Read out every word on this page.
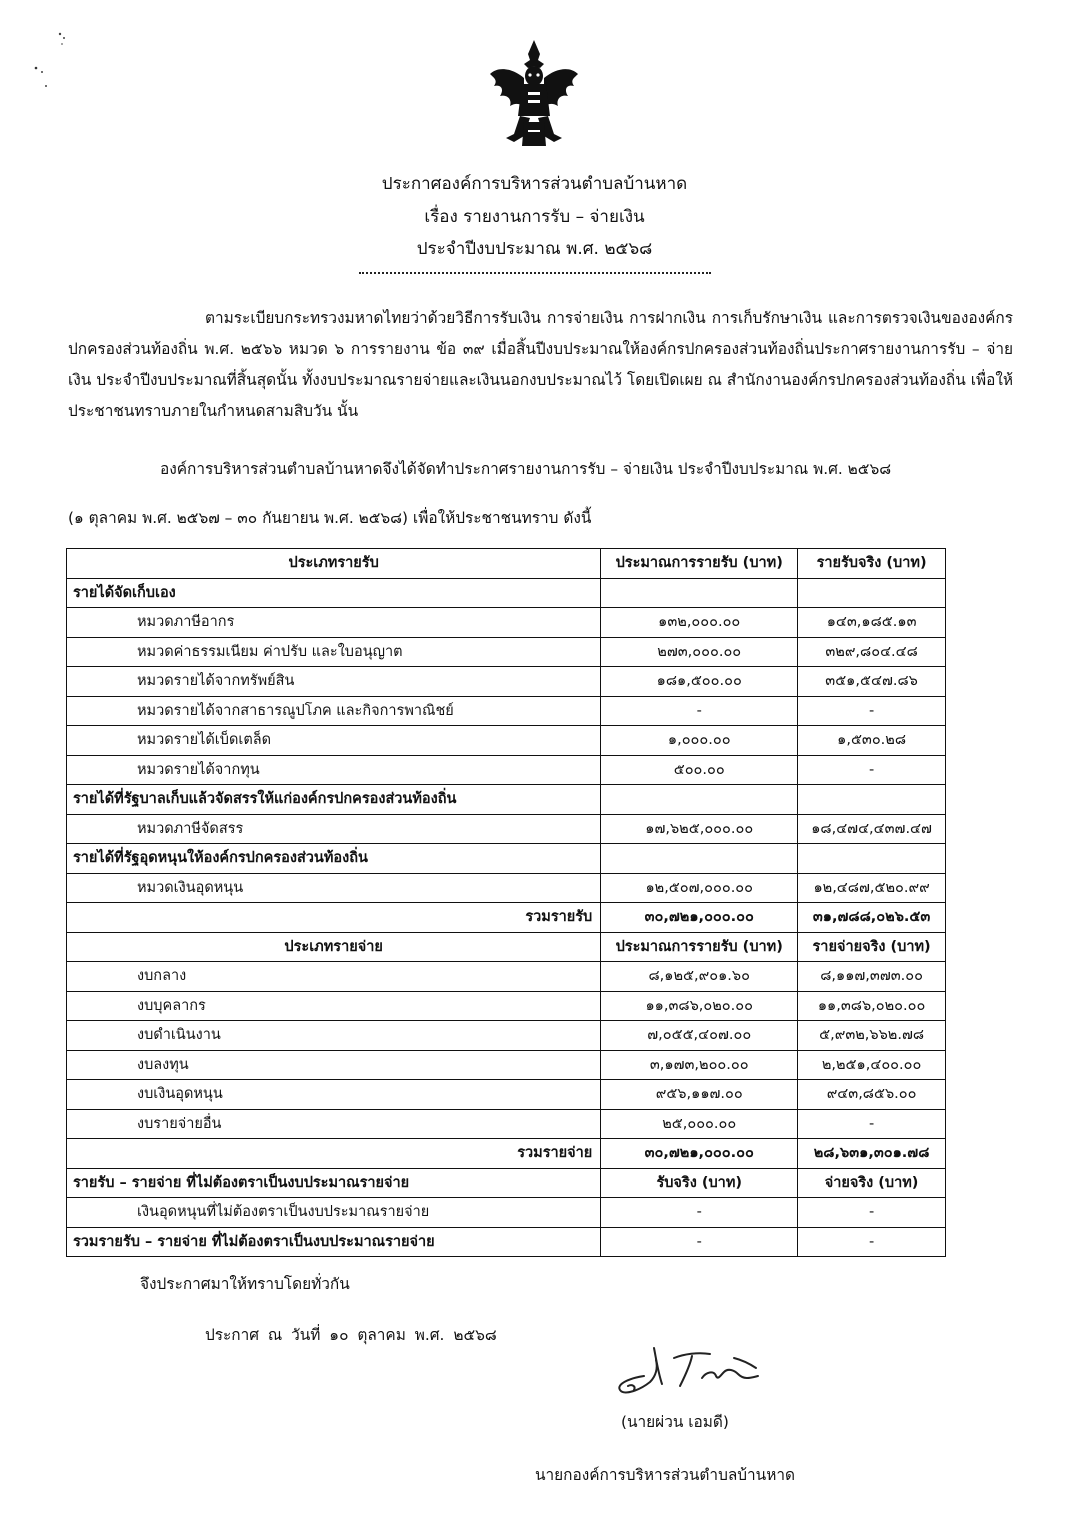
ประกาศองค์การบริหารส่วนตำบลบ้านหาด
เรื่อง รายงานการรับ – จ่ายเงิน
ประจำปีงบประมาณ พ.ศ. ๒๕๖๘
ตามระเบียบกระทรวงมหาดไทยว่าด้วยวิธีการรับเงิน การจ่ายเงิน การฝากเงิน การเก็บรักษาเงิน และการตรวจเงินขององค์กรปกครองส่วนท้องถิ่น พ.ศ. ๒๕๖๖ หมวด ๖ การรายงาน ข้อ ๓๙ เมื่อสิ้นปีงบประมาณให้องค์กรปกครองส่วนท้องถิ่นประกาศรายงานการรับ – จ่ายเงิน ประจำปีงบประมาณที่สิ้นสุดนั้น ทั้งงบประมาณรายจ่ายและเงินนอกงบประมาณไว้ โดยเปิดเผย ณ สำนักงานองค์กรปกครองส่วนท้องถิ่น เพื่อให้ประชาชนทราบภายในกำหนดสามสิบวัน นั้น
องค์การบริหารส่วนตำบลบ้านหาดจึงได้จัดทำประกาศรายงานการรับ – จ่ายเงิน ประจำปีงบประมาณ พ.ศ. ๒๕๖๘
(๑ ตุลาคม พ.ศ. ๒๕๖๗ – ๓๐ กันยายน พ.ศ. ๒๕๖๘) เพื่อให้ประชาชนทราบ ดังนี้
ประเภทรายรับ	ประมาณการรายรับ (บาท)	รายรับจริง (บาท)
รายได้จัดเก็บเอง		
หมวดภาษีอากร	๑๓๒,๐๐๐.๐๐	๑๔๓,๑๘๕.๑๓
หมวดค่าธรรมเนียม ค่าปรับ และใบอนุญาต	๒๗๓,๐๐๐.๐๐	๓๒๙,๘๐๔.๔๘
หมวดรายได้จากทรัพย์สิน	๑๘๑,๕๐๐.๐๐	๓๕๑,๕๔๗.๘๖
หมวดรายได้จากสาธารณูปโภค และกิจการพาณิชย์	-	-
หมวดรายได้เบ็ดเตล็ด	๑,๐๐๐.๐๐	๑,๕๓๐.๒๘
หมวดรายได้จากทุน	๕๐๐.๐๐	-
รายได้ที่รัฐบาลเก็บแล้วจัดสรรให้แก่องค์กรปกครองส่วนท้องถิ่น		
หมวดภาษีจัดสรร	๑๗,๖๒๕,๐๐๐.๐๐	๑๘,๔๗๔,๔๓๗.๔๗
รายได้ที่รัฐอุดหนุนให้องค์กรปกครองส่วนท้องถิ่น		
หมวดเงินอุดหนุน	๑๒,๕๐๗,๐๐๐.๐๐	๑๒,๔๘๗,๕๒๐.๙๙
รวมรายรับ	๓๐,๗๒๑,๐๐๐.๐๐	๓๑,๗๘๘,๐๒๖.๕๓
ประเภทรายจ่าย	ประมาณการรายรับ (บาท)	รายจ่ายจริง (บาท)
งบกลาง	๘,๑๒๕,๙๐๑.๖๐	๘,๑๑๗,๓๗๓.๐๐
งบบุคลากร	๑๑,๓๘๖,๐๒๐.๐๐	๑๑,๓๘๖,๐๒๐.๐๐
งบดำเนินงาน	๗,๐๕๕,๔๐๗.๐๐	๕,๙๓๒,๖๖๒.๗๘
งบลงทุน	๓,๑๗๓,๒๐๐.๐๐	๒,๒๕๑,๔๐๐.๐๐
งบเงินอุดหนุน	๙๕๖,๑๑๗.๐๐	๙๔๓,๘๕๖.๐๐
งบรายจ่ายอื่น	๒๕,๐๐๐.๐๐	-
รวมรายจ่าย	๓๐,๗๒๑,๐๐๐.๐๐	๒๘,๖๓๑,๓๐๑.๗๘
รายรับ – รายจ่าย ที่ไม่ต้องตราเป็นงบประมาณรายจ่าย	รับจริง (บาท)	จ่ายจริง (บาท)
เงินอุดหนุนที่ไม่ต้องตราเป็นงบประมาณรายจ่าย	-	-
รวมรายรับ – รายจ่าย ที่ไม่ต้องตราเป็นงบประมาณรายจ่าย	-	-
จึงประกาศมาให้ทราบโดยทั่วกัน
ประกาศ ณ วันที่ ๑๐ ตุลาคม พ.ศ. ๒๕๖๘
(นายผ่วน เอมดี)
นายกองค์การบริหารส่วนตำบลบ้านหาด
